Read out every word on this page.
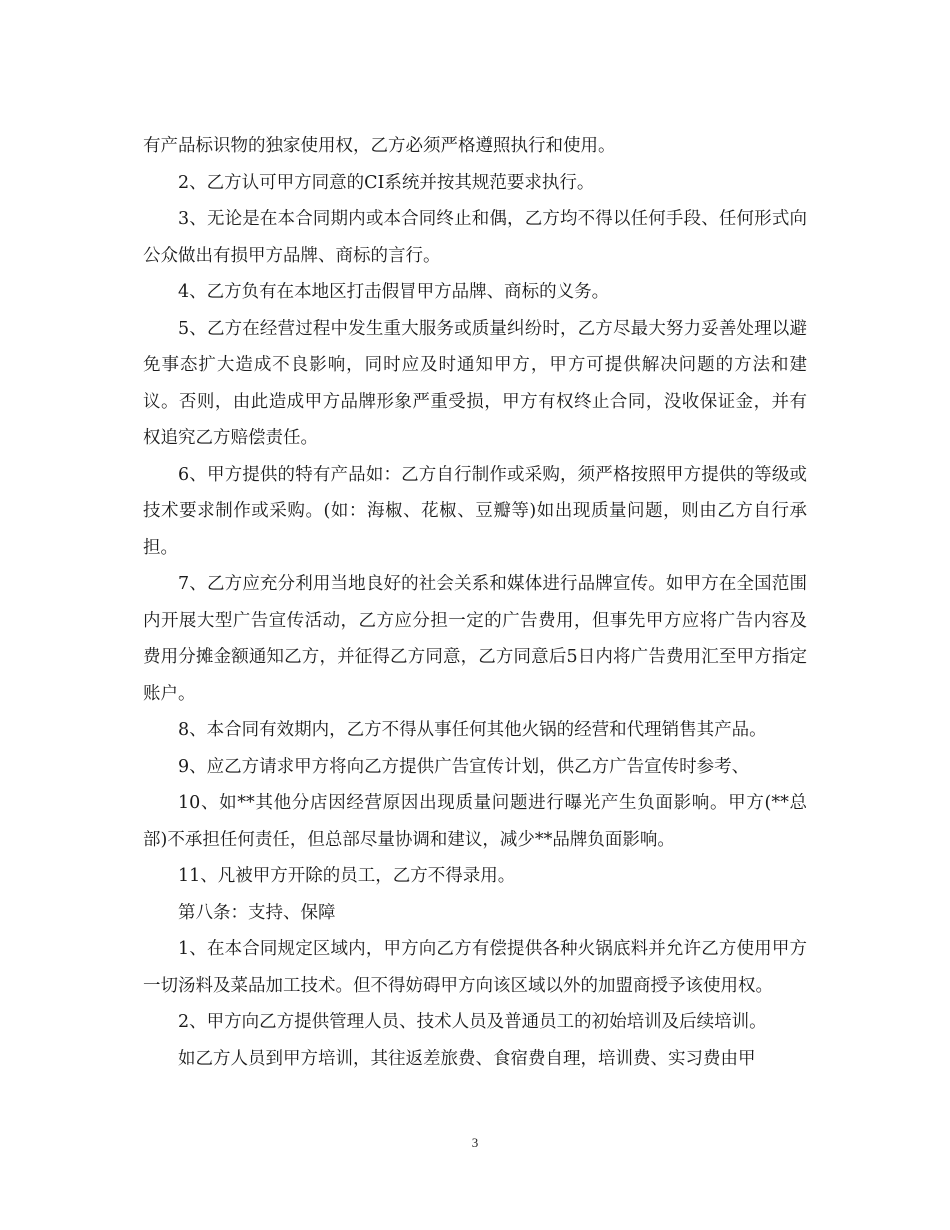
有产品标识物的独家使用权，乙方必须严格遵照执行和使用。

2、乙方认可甲方同意的CI系统并按其规范要求执行。

3、无论是在本合同期内或本合同终止和偶，乙方均不得以任何手段、任何形式向公众做出有损甲方品牌、商标的言行。

4、乙方负有在本地区打击假冒甲方品牌、商标的义务。

5、乙方在经营过程中发生重大服务或质量纠纷时，乙方尽最大努力妥善处理以避免事态扩大造成不良影响，同时应及时通知甲方，甲方可提供解决问题的方法和建议。否则，由此造成甲方品牌形象严重受损，甲方有权终止合同，没收保证金，并有权追究乙方赔偿责任。

6、甲方提供的特有产品如：乙方自行制作或采购，须严格按照甲方提供的等级或技术要求制作或采购。(如：海椒、花椒、豆瓣等)如出现质量问题，则由乙方自行承担。

7、乙方应充分利用当地良好的社会关系和媒体进行品牌宣传。如甲方在全国范围内开展大型广告宣传活动，乙方应分担一定的广告费用，但事先甲方应将广告内容及费用分摊金额通知乙方，并征得乙方同意，乙方同意后5日内将广告费用汇至甲方指定账户。

8、本合同有效期内，乙方不得从事任何其他火锅的经营和代理销售其产品。

9、应乙方请求甲方将向乙方提供广告宣传计划，供乙方广告宣传时参考、

10、如**其他分店因经营原因出现质量问题进行曝光产生负面影响。甲方(**总部)不承担任何责任，但总部尽量协调和建议，减少**品牌负面影响。

11、凡被甲方开除的员工，乙方不得录用。

第八条：支持、保障

1、在本合同规定区域内，甲方向乙方有偿提供各种火锅底料并允许乙方使用甲方一切汤料及菜品加工技术。但不得妨碍甲方向该区域以外的加盟商授予该使用权。

2、甲方向乙方提供管理人员、技术人员及普通员工的初始培训及后续培训。

如乙方人员到甲方培训，其往返差旅费、食宿费自理，培训费、实习费由甲

3
